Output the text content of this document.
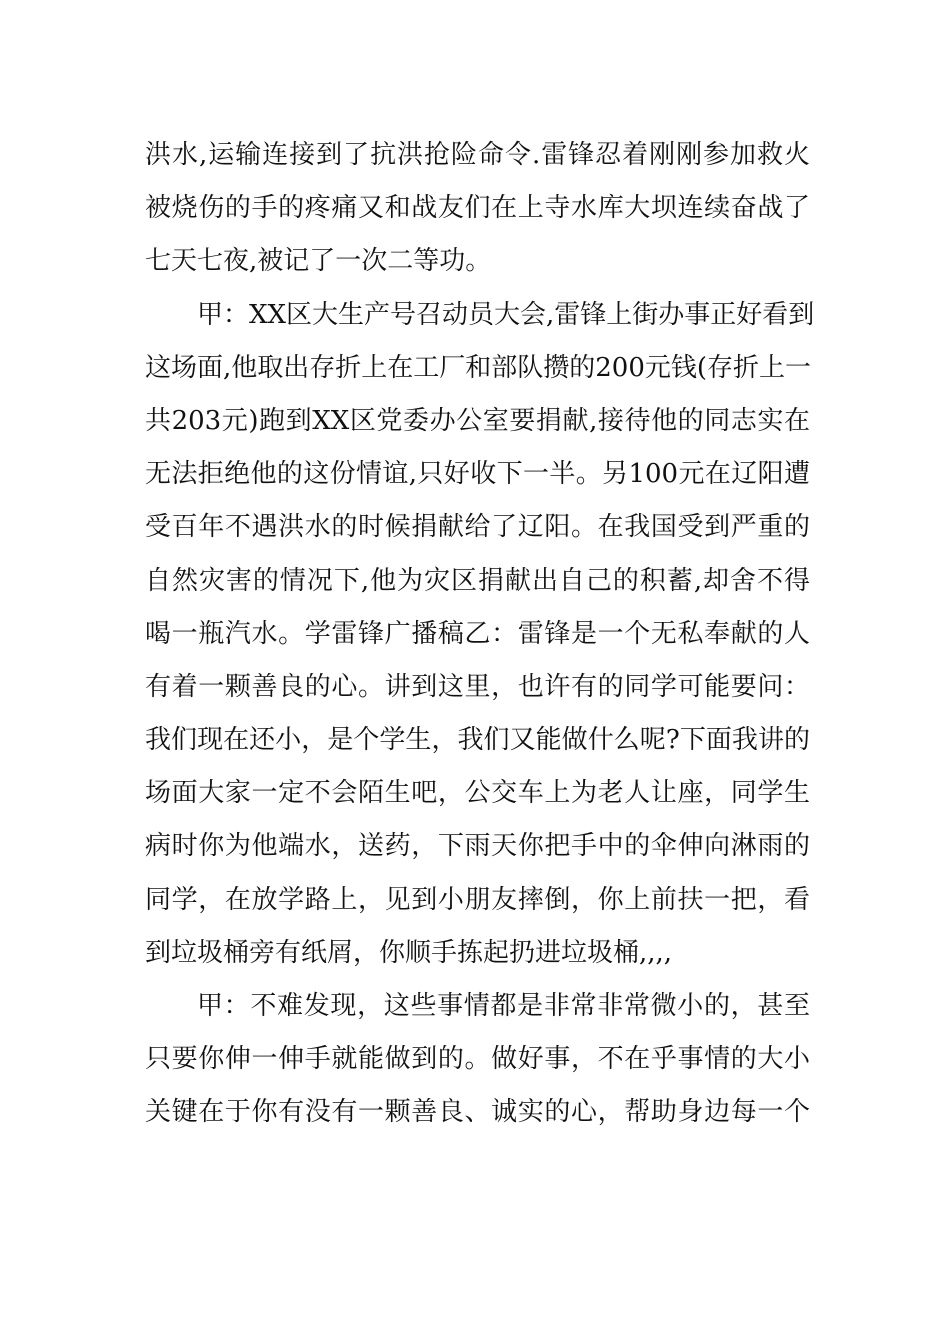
洪水,运输连接到了抗洪抢险命令.雷锋忍着刚刚参加救火
被烧伤的手的疼痛又和战友们在上寺水库大坝连续奋战了
七天七夜,被记了一次二等功。
甲：XX区大生产号召动员大会,雷锋上街办事正好看到
这场面,他取出存折上在工厂和部队攒的200元钱(存折上一
共203元)跑到XX区党委办公室要捐献,接待他的同志实在
无法拒绝他的这份情谊,只好收下一半。另100元在辽阳遭
受百年不遇洪水的时候捐献给了辽阳。在我国受到严重的
自然灾害的情况下,他为灾区捐献出自己的积蓄,却舍不得
喝一瓶汽水。学雷锋广播稿乙：雷锋是一个无私奉献的人
有着一颗善良的心。讲到这里，也许有的同学可能要问：
我们现在还小，是个学生，我们又能做什么呢?下面我讲的
场面大家一定不会陌生吧，公交车上为老人让座，同学生
病时你为他端水，送药，下雨天你把手中的伞伸向淋雨的
同学，在放学路上，见到小朋友摔倒，你上前扶一把，看
到垃圾桶旁有纸屑，你顺手拣起扔进垃圾桶,,,,
甲：不难发现，这些事情都是非常非常微小的，甚至
只要你伸一伸手就能做到的。做好事，不在乎事情的大小
关键在于你有没有一颗善良、诚实的心，帮助身边每一个
